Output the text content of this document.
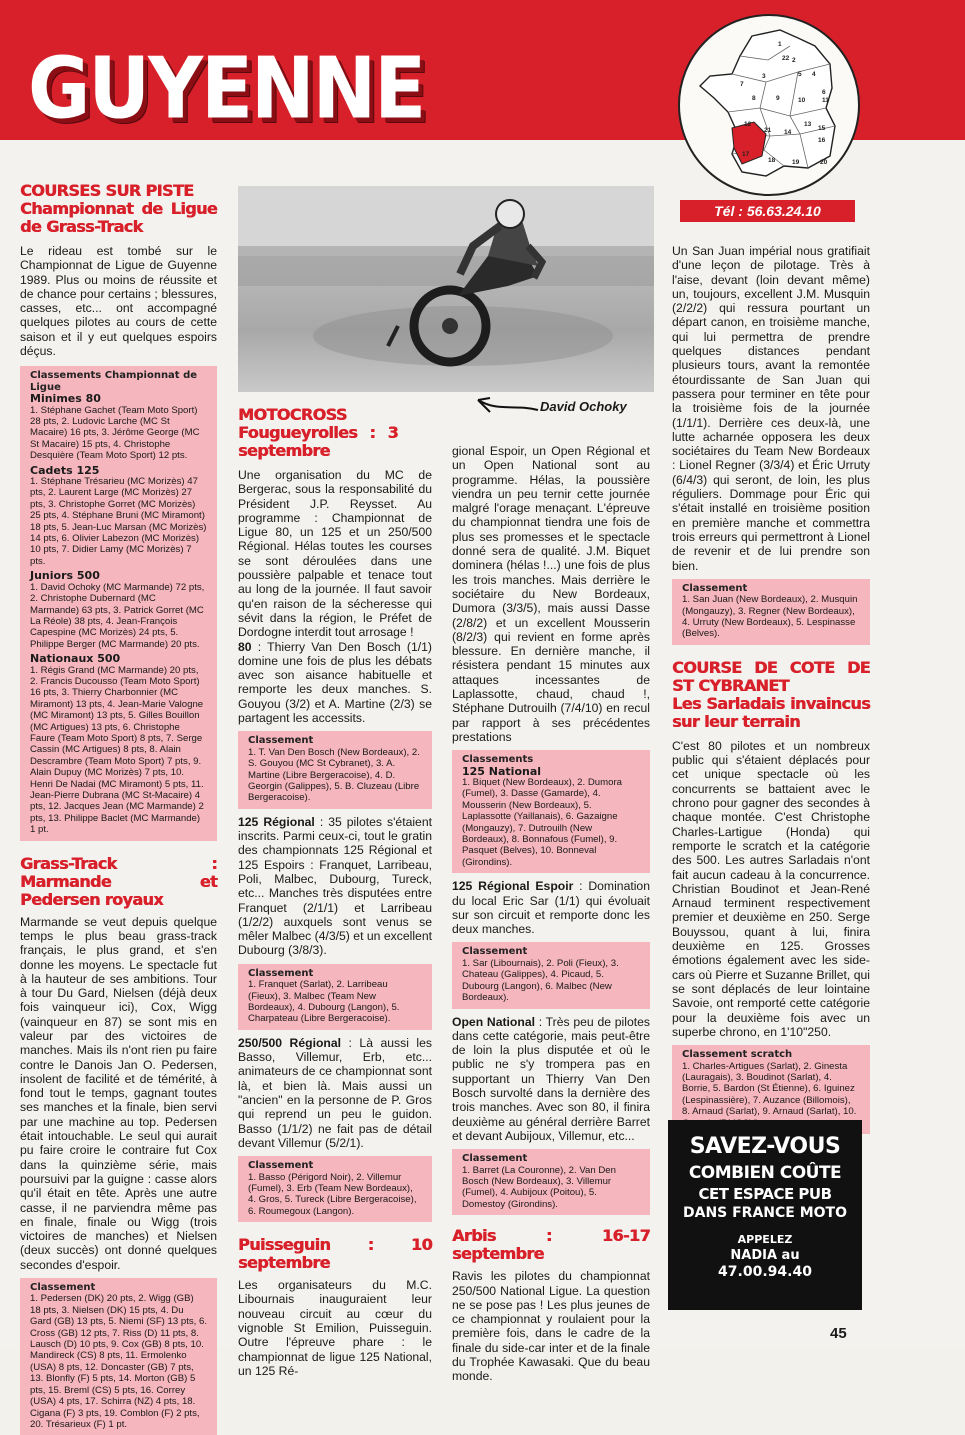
GUYENNE	1
2
3	4
5
6
7
8	9	10	11
12	13
14
15
16
17
18	19	20
21
22
Tél : 56.63.24.10
COURSES SUR PISTE
Championnat de Ligue de Grass-Track

Le rideau est tombé sur le Championnat de Ligue de Guyenne 1989. Plus ou moins de réussite et de chance pour certains ; blessures, casses, etc... ont accompagné quelques pilotes au cours de cette saison et il y eut quelques espoirs déçus.

Classements Championnat de Ligue
Minimes 80
1. Stéphane Gachet (Team Moto Sport) 28 pts, 2. Ludovic Larche (MC St Macaire) 16 pts, 3. Jérôme George (MC St Macaire) 15 pts, 4. Christophe Desquière (Team Moto Sport) 12 pts.
Cadets 125
1. Stéphane Trésarieu (MC Morizès) 47 pts, 2. Laurent Large (MC Morizès) 27 pts, 3. Christophe Gorret (MC Morizès) 25 pts, 4. Stéphane Bruni (MC Miramont) 18 pts, 5. Jean-Luc Marsan (MC Morizès) 14 pts, 6. Olivier Labezon (MC Morizès) 10 pts, 7. Didier Lamy (MC Morizès) 7 pts.
Juniors 500
1. David Ochoky (MC Marmande) 72 pts, 2. Christophe Dubernard (MC Marmande) 63 pts, 3. Patrick Gorret (MC La Réole) 38 pts, 4. Jean-François Capespine (MC Morizès) 24 pts, 5. Philippe Berger (MC Marmande) 20 pts.
Nationaux 500
1. Régis Grand (MC Marmande) 20 pts, 2. Francis Ducousso (Team Moto Sport) 16 pts, 3. Thierry Charbonnier (MC Miramont) 13 pts, 4. Jean-Marie Valogne (MC Miramont) 13 pts, 5. Gilles Bouillon (MC Artigues) 13 pts, 6. Christophe Faure (Team Moto Sport) 8 pts, 7. Serge Cassin (MC Artigues) 8 pts, 8. Alain Descrambre (Team Moto Sport) 7 pts, 9. Alain Dupuy (MC Morizès) 7 pts, 10. Henri De Nadai (MC Miramont) 5 pts, 11. Jean-Pierre Dubrana (MC St-Macaire) 4 pts, 12. Jacques Jean (MC Marmande) 2 pts, 13. Philippe Baclet (MC Marmande) 1 pt.
Grass-Track : Marmande et Pedersen royaux

Marmande se veut depuis quelque temps le plus beau grass-track français, le plus grand, et s'en donne les moyens. Le spectacle fut à la hauteur de ses ambitions. Tour à tour Du Gard, Nielsen (déjà deux fois vainqueur ici), Cox, Wigg (vainqueur en 87) se sont mis en valeur par des victoires de manches. Mais ils n'ont rien pu faire contre le Danois Jan O. Pedersen, insolent de facilité et de témérité, à fond tout le temps, gagnant toutes ses manches et la finale, bien servi par une machine au top. Pedersen était intouchable. Le seul qui aurait pu faire croire le contraire fut Cox dans la quinzième série, mais poursuivi par la guigne : casse alors qu'il était en tête. Après une autre casse, il ne parviendra même pas en finale, finale ou Wigg (trois victoires de manches) et Nielsen (deux succès) ont donné quelques secondes d'espoir.

Classement
1. Pedersen (DK) 20 pts, 2. Wigg (GB) 18 pts, 3. Nielsen (DK) 15 pts, 4. Du Gard (GB) 13 pts, 5. Niemi (SF) 13 pts, 6. Cross (GB) 12 pts, 7. Riss (D) 11 pts, 8. Lausch (D) 10 pts, 9. Cox (GB) 8 pts, 10. Mandireck (CS) 8 pts, 11. Ermolenko (USA) 8 pts, 12. Doncaster (GB) 7 pts, 13. Blonfly (F) 5 pts, 14. Morton (GB) 5 pts, 15. Breml (CS) 5 pts, 16. Correy (USA) 4 pts, 17. Schirra (NZ) 4 pts, 18. Cigana (F) 3 pts, 19. Comblon (F) 2 pts, 20. Trésarieux (F) 1 pt.
David Ochoky
MOTOCROSS Fougueyrolles : 3 septembre

Une organisation du MC de Bergerac, sous la responsabilité du Président J.P. Reysset. Au programme : Championnat de Ligue 80, un 125 et un 250/500 Régional. Hélas toutes les courses se sont déroulées dans une poussière palpable et tenace tout au long de la journée. Il faut savoir qu'en raison de la sécheresse qui sévit dans la région, le Préfet de Dordogne interdit tout arrosage !

80 : Thierry Van Den Bosch (1/1) domine une fois de plus les débats avec son aisance habituelle et remporte les deux manches. S. Gouyou (3/2) et A. Martine (2/3) se partagent les accessits.

Classement
1. T. Van Den Bosch (New Bordeaux), 2. S. Gouyou (MC St Cybranet), 3. A. Martine (Libre Bergeracoise), 4. D. Georgin (Galippes), 5. B. Cluzeau (Libre Bergeracoise).

125 Régional : 35 pilotes s'étaient inscrits. Parmi ceux-ci, tout le gratin des championnats 125 Régional et 125 Espoirs : Franquet, Larribeau, Poli, Malbec, Dubourg, Tureck, etc... Manches très disputées entre Franquet (2/1/1) et Larribeau (1/2/2) auxquels sont venus se mêler Malbec (4/3/5) et un excellent Dubourg (3/8/3).

Classement
1. Franquet (Sarlat), 2. Larribeau (Fieux), 3. Malbec (Team New Bordeaux), 4. Dubourg (Langon), 5. Charpateau (Libre Bergeracoise).

250/500 Régional : Là aussi les Basso, Villemur, Erb, etc... animateurs de ce championnat sont là, et bien là. Mais aussi un "ancien" en la personne de P. Gros qui reprend un peu le guidon. Basso (1/1/2) ne fait pas de détail devant Villemur (5/2/1).

Classement
1. Basso (Périgord Noir), 2. Villemur (Fumel), 3. Erb (Team New Bordeaux), 4. Gros, 5. Tureck (Libre Bergeracoise), 6. Roumegoux (Langon).
Puisseguin : 10 septembre

Les organisateurs du M.C. Libournais inauguraient leur nouveau circuit au cœur du vignoble St Emilion, Puisseguin. Outre l'épreuve phare : le championnat de ligue 125 National, un 125 Ré-

gional Espoir, un Open Régional et un Open National sont au programme. Hélas, la poussière viendra un peu ternir cette journée malgré l'orage menaçant. L'épreuve du championnat tiendra une fois de plus ses promesses et le spectacle donné sera de qualité. J.M. Biquet dominera (hélas !...) une fois de plus les trois manches. Mais derrière le sociétaire du New Bordeaux, Dumora (3/3/5), mais aussi Dasse (2/8/2) et un excellent Mousserin (8/2/3) qui revient en forme après blessure. En dernière manche, il résistera pendant 15 minutes aux attaques incessantes de Laplassotte, chaud, chaud !, Stéphane Dutrouilh (7/4/10) en recul par rapport à ses précédentes prestations

Classements
125 National
1. Biquet (New Bordeaux), 2. Dumora (Fumel), 3. Dasse (Gamarde), 4. Mousserin (New Bordeaux), 5. Laplassotte (Yaillanais), 6. Gazaigne (Mongauzy), 7. Dutrouilh (New Bordeaux), 8. Bonnafous (Fumel), 9. Pasquet (Belves), 10. Bonneval (Girondins).

125 Régional Espoir : Domination du local Eric Sar (1/1) qui évoluait sur son circuit et remporte donc les deux manches.

Classement
1. Sar (Libournais), 2. Poli (Fieux), 3. Chateau (Galippes), 4. Picaud, 5. Dubourg (Langon), 6. Malbec (New Bordeaux).

Open National : Très peu de pilotes dans cette catégorie, mais peut-être de loin la plus disputée et où le public ne s'y trompera pas en supportant un Thierry Van Den Bosch survolté dans la dernière des trois manches. Avec son 80, il finira deuxième au général derrière Barret et devant Aubijoux, Villemur, etc...

Classement
1. Barret (La Couronne), 2. Van Den Bosch (New Bordeaux), 3. Villemur (Fumel), 4. Aubijoux (Poitou), 5. Domestoy (Girondins).
Arbis : 16-17 septembre

Ravis les pilotes du championnat 250/500 National Ligue. La question ne se pose pas ! Les plus jeunes de ce championnat y roulaient pour la première fois, dans le cadre de la finale du side-car inter et de la finale du Trophée Kawasaki. Que du beau monde.

Un San Juan impérial nous gratifiait d'une leçon de pilotage. Très à l'aise, devant (loin devant même) un, toujours, excellent J.M. Musquin (2/2/2) qui ressura pourtant un départ canon, en troisième manche, qui lui permettra de prendre quelques distances pendant plusieurs tours, avant la remontée étourdissante de San Juan qui passera pour terminer en tête pour la troisième fois de la journée (1/1/1). Derrière ces deux-là, une lutte acharnée opposera les deux sociétaires du Team New Bordeaux : Lionel Regner (3/3/4) et Éric Urruty (6/4/3) qui seront, de loin, les plus réguliers. Dommage pour Éric qui s'était installé en troisième position en première manche et commettra trois erreurs qui permettront à Lionel de revenir et de lui prendre son bien.

Classement
1. San Juan (New Bordeaux), 2. Musquin (Mongauzy), 3. Regner (New Bordeaux), 4. Urruty (New Bordeaux), 5. Lespinasse (Belves).
COURSE DE COTE DE ST CYBRANET
Les Sarladais invaincus sur leur terrain

C'est 80 pilotes et un nombreux public qui s'étaient déplacés pour cet unique spectacle où les concurrents se battaient avec le chrono pour gagner des secondes à chaque montée. C'est Christophe Charles-Lartigue (Honda) qui remporte le scratch et la catégorie des 500. Les autres Sarladais n'ont fait aucun cadeau à la concurrence. Christian Boudinot et Jean-René Arnaud terminent respectivement premier et deuxième en 250. Serge Bouyssou, quant à lui, finira deuxième en 125. Grosses émotions également avec les side-cars où Pierre et Suzanne Brillet, qui se sont déplacés de leur lointaine Savoie, ont remporté cette catégorie pour la deuxième fois avec un superbe chrono, en 1'10"250.

Classement scratch
1. Charles-Artigues (Sarlat), 2. Ginesta (Lauragais), 3. Boudinot (Sarlat), 4. Borrie, 5. Bardon (St Étienne), 6. Iguinez (Lespinassière), 7. Auzance (Billomois), 8. Arnaud (Sarlat), 9. Arnaud (Sarlat), 10.
SAVEZ-VOUS
COMBIEN COÛTE
CET ESPACE PUB
DANS FRANCE MOTO
APPELEZ
NADIA au
47.00.94.40
45
